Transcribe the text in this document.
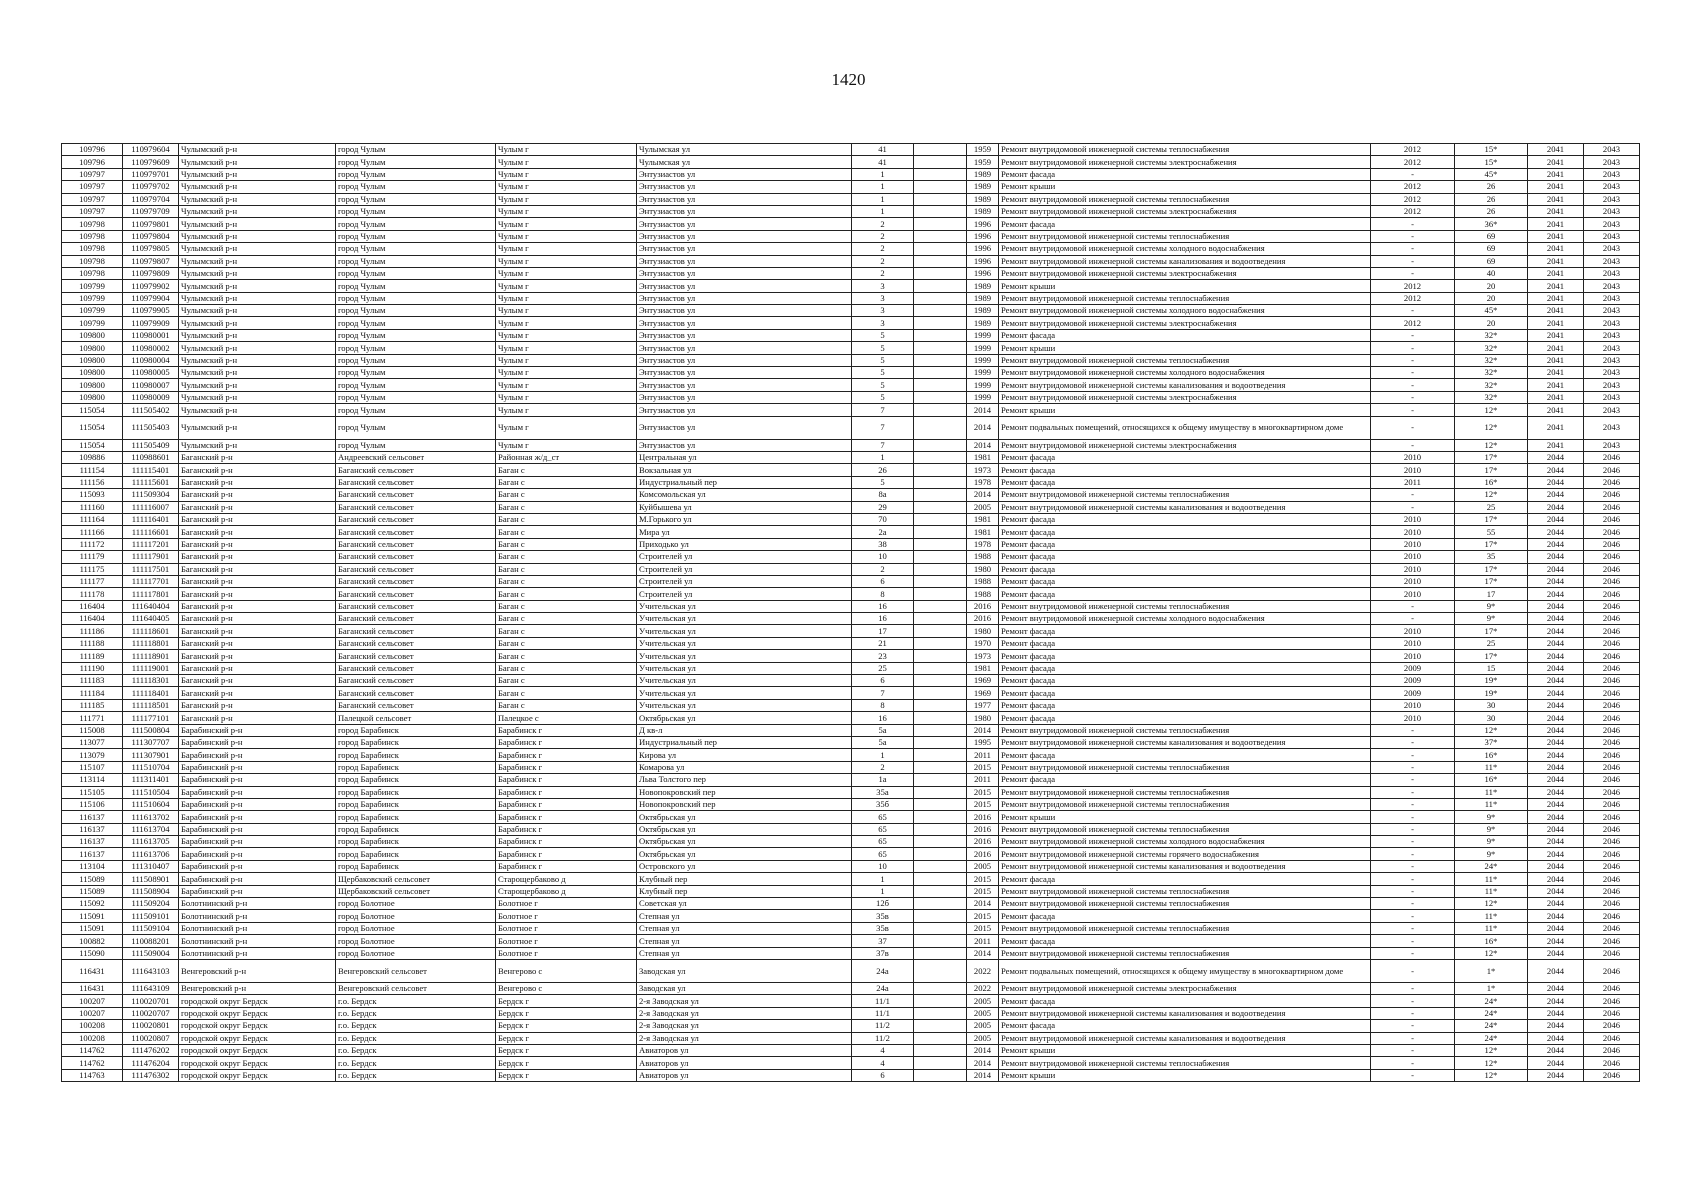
1420
109796	110979604	Чулымский р-н	город Чулым	Чулым г	Чулымская ул	41		1959	Ремонт внутридомовой инженерной системы теплоснабжения	2012	15*	2041	2043
109796	110979609	Чулымский р-н	город Чулым	Чулым г	Чулымская ул	41		1959	Ремонт внутридомовой инженерной системы электроснабжения	2012	15*	2041	2043
109797	110979701	Чулымский р-н	город Чулым	Чулым г	Энтузиастов ул	1		1989	Ремонт фасада	-	45*	2041	2043
109797	110979702	Чулымский р-н	город Чулым	Чулым г	Энтузиастов ул	1		1989	Ремонт крыши	2012	26	2041	2043
109797	110979704	Чулымский р-н	город Чулым	Чулым г	Энтузиастов ул	1		1989	Ремонт внутридомовой инженерной системы теплоснабжения	2012	26	2041	2043
109797	110979709	Чулымский р-н	город Чулым	Чулым г	Энтузиастов ул	1		1989	Ремонт внутридомовой инженерной системы электроснабжения	2012	26	2041	2043
109798	110979801	Чулымский р-н	город Чулым	Чулым г	Энтузиастов ул	2		1996	Ремонт фасада	-	36*	2041	2043
109798	110979804	Чулымский р-н	город Чулым	Чулым г	Энтузиастов ул	2		1996	Ремонт внутридомовой инженерной системы теплоснабжения	-	69	2041	2043
109798	110979805	Чулымский р-н	город Чулым	Чулым г	Энтузиастов ул	2		1996	Ремонт внутридомовой инженерной системы холодного водоснабжения	-	69	2041	2043
109798	110979807	Чулымский р-н	город Чулым	Чулым г	Энтузиастов ул	2		1996	Ремонт внутридомовой инженерной системы канализования и водоотведения	-	69	2041	2043
109798	110979809	Чулымский р-н	город Чулым	Чулым г	Энтузиастов ул	2		1996	Ремонт внутридомовой инженерной системы электроснабжения	-	40	2041	2043
109799	110979902	Чулымский р-н	город Чулым	Чулым г	Энтузиастов ул	3		1989	Ремонт крыши	2012	20	2041	2043
109799	110979904	Чулымский р-н	город Чулым	Чулым г	Энтузиастов ул	3		1989	Ремонт внутридомовой инженерной системы теплоснабжения	2012	20	2041	2043
109799	110979905	Чулымский р-н	город Чулым	Чулым г	Энтузиастов ул	3		1989	Ремонт внутридомовой инженерной системы холодного водоснабжения	-	45*	2041	2043
109799	110979909	Чулымский р-н	город Чулым	Чулым г	Энтузиастов ул	3		1989	Ремонт внутридомовой инженерной системы электроснабжения	2012	20	2041	2043
109800	110980001	Чулымский р-н	город Чулым	Чулым г	Энтузиастов ул	5		1999	Ремонт фасада	-	32*	2041	2043
109800	110980002	Чулымский р-н	город Чулым	Чулым г	Энтузиастов ул	5		1999	Ремонт крыши	-	32*	2041	2043
109800	110980004	Чулымский р-н	город Чулым	Чулым г	Энтузиастов ул	5		1999	Ремонт внутридомовой инженерной системы теплоснабжения	-	32*	2041	2043
109800	110980005	Чулымский р-н	город Чулым	Чулым г	Энтузиастов ул	5		1999	Ремонт внутридомовой инженерной системы холодного водоснабжения	-	32*	2041	2043
109800	110980007	Чулымский р-н	город Чулым	Чулым г	Энтузиастов ул	5		1999	Ремонт внутридомовой инженерной системы канализования и водоотведения	-	32*	2041	2043
109800	110980009	Чулымский р-н	город Чулым	Чулым г	Энтузиастов ул	5		1999	Ремонт внутридомовой инженерной системы электроснабжения	-	32*	2041	2043
115054	111505402	Чулымский р-н	город Чулым	Чулым г	Энтузиастов ул	7		2014	Ремонт крыши	-	12*	2041	2043
115054	111505403	Чулымский р-н	город Чулым	Чулым г	Энтузиастов ул	7		2014	Ремонт подвальных помещений, относящихся к общему имуществу в многоквартирном доме	-	12*	2041	2043
115054	111505409	Чулымский р-н	город Чулым	Чулым г	Энтузиастов ул	7		2014	Ремонт внутридомовой инженерной системы электроснабжения	-	12*	2041	2043
109886	110988601	Баганский р-н	Андреевский сельсовет	Районная ж/д_ст	Центральная ул	1		1981	Ремонт фасада	2010	17*	2044	2046
111154	111115401	Баганский р-н	Баганский сельсовет	Баган с	Вокзальная ул	26		1973	Ремонт фасада	2010	17*	2044	2046
111156	111115601	Баганский р-н	Баганский сельсовет	Баган с	Индустриальный пер	5		1978	Ремонт фасада	2011	16*	2044	2046
115093	111509304	Баганский р-н	Баганский сельсовет	Баган с	Комсомольская ул	8а		2014	Ремонт внутридомовой инженерной системы теплоснабжения	-	12*	2044	2046
111160	111116007	Баганский р-н	Баганский сельсовет	Баган с	Куйбышева ул	29		2005	Ремонт внутридомовой инженерной системы канализования и водоотведения	-	25	2044	2046
111164	111116401	Баганский р-н	Баганский сельсовет	Баган с	М.Горького ул	70		1981	Ремонт фасада	2010	17*	2044	2046
111166	111116601	Баганский р-н	Баганский сельсовет	Баган с	Мира ул	2а		1981	Ремонт фасада	2010	55	2044	2046
111172	111117201	Баганский р-н	Баганский сельсовет	Баган с	Приходько ул	38		1978	Ремонт фасада	2010	17*	2044	2046
111179	111117901	Баганский р-н	Баганский сельсовет	Баган с	Строителей ул	10		1988	Ремонт фасада	2010	35	2044	2046
111175	111117501	Баганский р-н	Баганский сельсовет	Баган с	Строителей ул	2		1980	Ремонт фасада	2010	17*	2044	2046
111177	111117701	Баганский р-н	Баганский сельсовет	Баган с	Строителей ул	6		1988	Ремонт фасада	2010	17*	2044	2046
111178	111117801	Баганский р-н	Баганский сельсовет	Баган с	Строителей ул	8		1988	Ремонт фасада	2010	17	2044	2046
116404	111640404	Баганский р-н	Баганский сельсовет	Баган с	Учительская ул	16		2016	Ремонт внутридомовой инженерной системы теплоснабжения	-	9*	2044	2046
116404	111640405	Баганский р-н	Баганский сельсовет	Баган с	Учительская ул	16		2016	Ремонт внутридомовой инженерной системы холодного водоснабжения	-	9*	2044	2046
111186	111118601	Баганский р-н	Баганский сельсовет	Баган с	Учительская ул	17		1980	Ремонт фасада	2010	17*	2044	2046
111188	111118801	Баганский р-н	Баганский сельсовет	Баган с	Учительская ул	21		1970	Ремонт фасада	2010	25	2044	2046
111189	111118901	Баганский р-н	Баганский сельсовет	Баган с	Учительская ул	23		1973	Ремонт фасада	2010	17*	2044	2046
111190	111119001	Баганский р-н	Баганский сельсовет	Баган с	Учительская ул	25		1981	Ремонт фасада	2009	15	2044	2046
111183	111118301	Баганский р-н	Баганский сельсовет	Баган с	Учительская ул	6		1969	Ремонт фасада	2009	19*	2044	2046
111184	111118401	Баганский р-н	Баганский сельсовет	Баган с	Учительская ул	7		1969	Ремонт фасада	2009	19*	2044	2046
111185	111118501	Баганский р-н	Баганский сельсовет	Баган с	Учительская ул	8		1977	Ремонт фасада	2010	30	2044	2046
111771	111177101	Баганский р-н	Палецкой сельсовет	Палецкое с	Октябрьская ул	16		1980	Ремонт фасада	2010	30	2044	2046
115008	111500804	Барабинский р-н	город Барабинск	Барабинск г	Д кв-л	5а		2014	Ремонт внутридомовой инженерной системы теплоснабжения	-	12*	2044	2046
113077	111307707	Барабинский р-н	город Барабинск	Барабинск г	Индустриальный пер	5а		1995	Ремонт внутридомовой инженерной системы канализования и водоотведения	-	37*	2044	2046
113079	111307901	Барабинский р-н	город Барабинск	Барабинск г	Кирова ул	1		2011	Ремонт фасада	-	16*	2044	2046
115107	111510704	Барабинский р-н	город Барабинск	Барабинск г	Комарова ул	2		2015	Ремонт внутридомовой инженерной системы теплоснабжения	-	11*	2044	2046
113114	111311401	Барабинский р-н	город Барабинск	Барабинск г	Льва Толстого пер	1а		2011	Ремонт фасада	-	16*	2044	2046
115105	111510504	Барабинский р-н	город Барабинск	Барабинск г	Новопокровский пер	35а		2015	Ремонт внутридомовой инженерной системы теплоснабжения	-	11*	2044	2046
115106	111510604	Барабинский р-н	город Барабинск	Барабинск г	Новопокровский пер	35б		2015	Ремонт внутридомовой инженерной системы теплоснабжения	-	11*	2044	2046
116137	111613702	Барабинский р-н	город Барабинск	Барабинск г	Октябрьская ул	65		2016	Ремонт крыши	-	9*	2044	2046
116137	111613704	Барабинский р-н	город Барабинск	Барабинск г	Октябрьская ул	65		2016	Ремонт внутридомовой инженерной системы теплоснабжения	-	9*	2044	2046
116137	111613705	Барабинский р-н	город Барабинск	Барабинск г	Октябрьская ул	65		2016	Ремонт внутридомовой инженерной системы холодного водоснабжения	-	9*	2044	2046
116137	111613706	Барабинский р-н	город Барабинск	Барабинск г	Октябрьская ул	65		2016	Ремонт внутридомовой инженерной системы горячего водоснабжения	-	9*	2044	2046
113104	111310407	Барабинский р-н	город Барабинск	Барабинск г	Островского ул	10		2005	Ремонт внутридомовой инженерной системы канализования и водоотведения	-	24*	2044	2046
115089	111508901	Барабинский р-н	Щербаковский сельсовет	Старощербаково д	Клубный пер	1		2015	Ремонт фасада	-	11*	2044	2046
115089	111508904	Барабинский р-н	Щербаковский сельсовет	Старощербаково д	Клубный пер	1		2015	Ремонт внутридомовой инженерной системы теплоснабжения	-	11*	2044	2046
115092	111509204	Болотнинский р-н	город Болотное	Болотное г	Советская ул	12б		2014	Ремонт внутридомовой инженерной системы теплоснабжения	-	12*	2044	2046
115091	111509101	Болотнинский р-н	город Болотное	Болотное г	Степная ул	35в		2015	Ремонт фасада	-	11*	2044	2046
115091	111509104	Болотнинский р-н	город Болотное	Болотное г	Степная ул	35в		2015	Ремонт внутридомовой инженерной системы теплоснабжения	-	11*	2044	2046
100882	110088201	Болотнинский р-н	город Болотное	Болотное г	Степная ул	37		2011	Ремонт фасада	-	16*	2044	2046
115090	111509004	Болотнинский р-н	город Болотное	Болотное г	Степная ул	37в		2014	Ремонт внутридомовой инженерной системы теплоснабжения	-	12*	2044	2046
116431	111643103	Венгеровский р-н	Венгеровский сельсовет	Венгерово с	Заводская ул	24а		2022	Ремонт подвальных помещений, относящихся к общему имуществу в многоквартирном доме	-	1*	2044	2046
116431	111643109	Венгеровский р-н	Венгеровский сельсовет	Венгерово с	Заводская ул	24а		2022	Ремонт внутридомовой инженерной системы электроснабжения	-	1*	2044	2046
100207	110020701	городской округ Бердск	г.о. Бердск	Бердск г	2-я Заводская ул	11/1		2005	Ремонт фасада	-	24*	2044	2046
100207	110020707	городской округ Бердск	г.о. Бердск	Бердск г	2-я Заводская ул	11/1		2005	Ремонт внутридомовой инженерной системы канализования и водоотведения	-	24*	2044	2046
100208	110020801	городской округ Бердск	г.о. Бердск	Бердск г	2-я Заводская ул	11/2		2005	Ремонт фасада	-	24*	2044	2046
100208	110020807	городской округ Бердск	г.о. Бердск	Бердск г	2-я Заводская ул	11/2		2005	Ремонт внутридомовой инженерной системы канализования и водоотведения	-	24*	2044	2046
114762	111476202	городской округ Бердск	г.о. Бердск	Бердск г	Авиаторов ул	4		2014	Ремонт крыши	-	12*	2044	2046
114762	111476204	городской округ Бердск	г.о. Бердск	Бердск г	Авиаторов ул	4		2014	Ремонт внутридомовой инженерной системы теплоснабжения	-	12*	2044	2046
114763	111476302	городской округ Бердск	г.о. Бердск	Бердск г	Авиаторов ул	6		2014	Ремонт крыши	-	12*	2044	2046
